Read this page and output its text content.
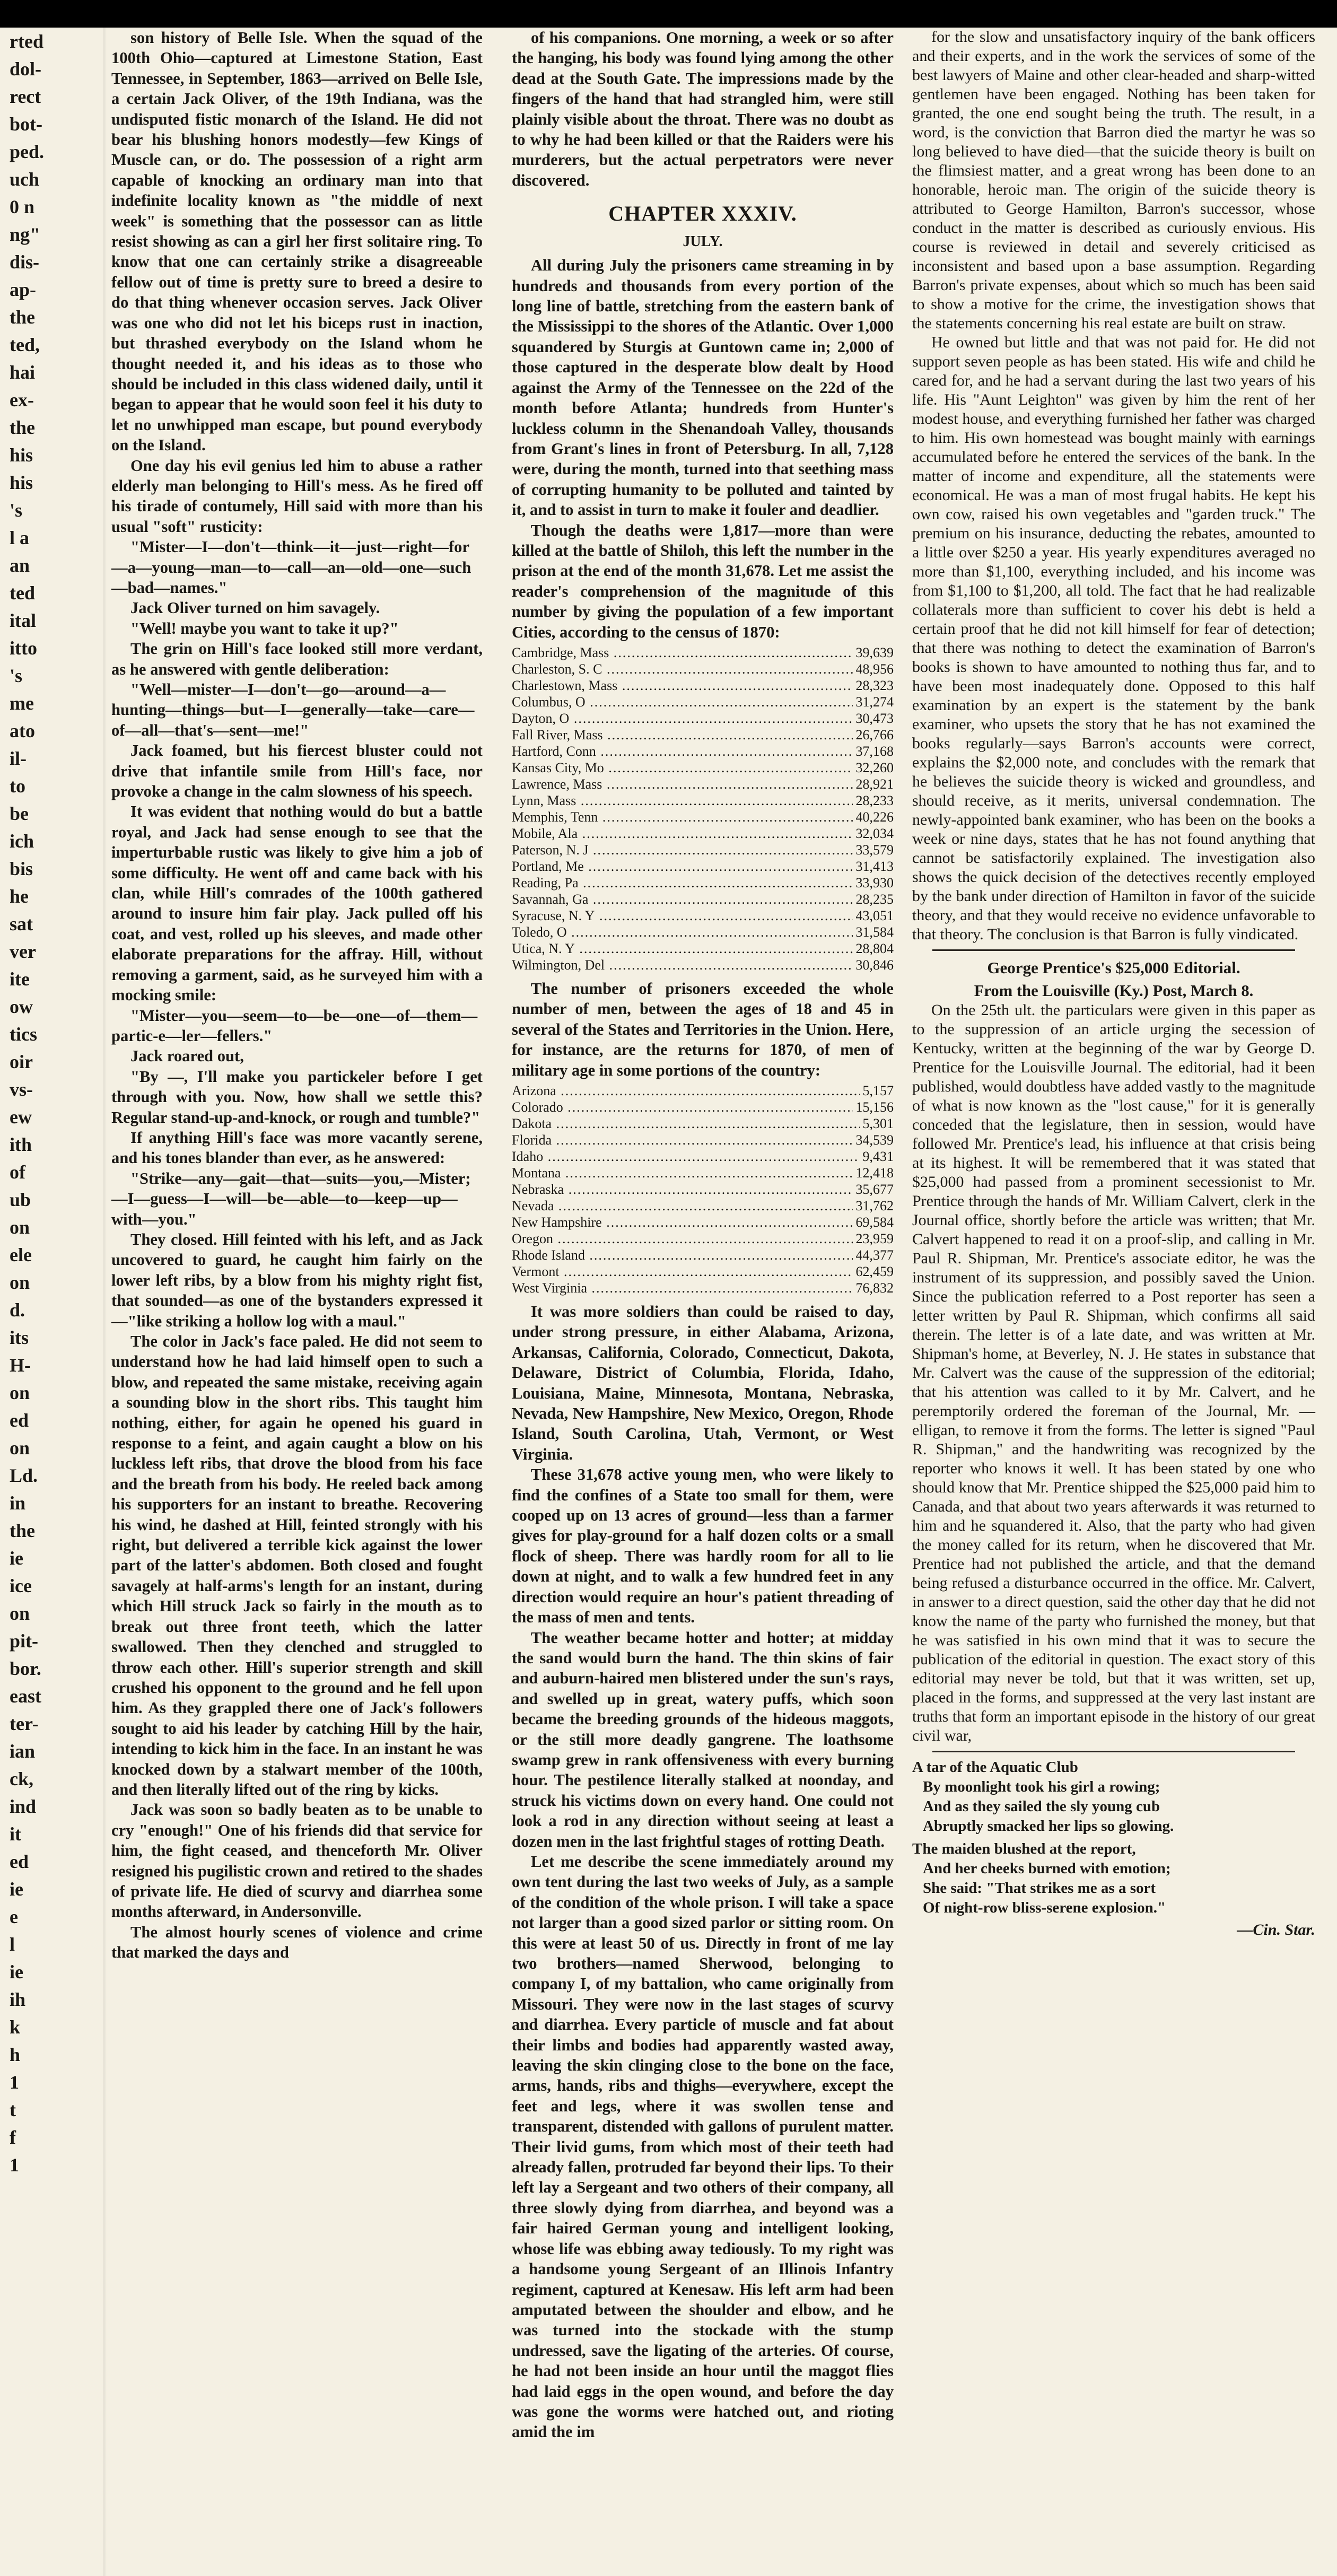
rted
dol-
rect
bot-
ped.
uch
0 n
ng"
dis-
ap-
the
ted,
hai
ex-
the
his
his
's
l a
an
ted
ital
itto
's
me
ato
il-
to
be
ich
bis
he
sat
ver
ite
ow
tics
oir
vs-
ew
ith
of
ub
on
ele
on
d.
its
H-
on
ed
on
Ld.
in
the
ie
ice
on
pit-
bor.
east
ter-
ian
ck,
ind
it
ed
ie
e
l
ie
ih
k
h
1
t
f
1

son history of Belle Isle. When the squad of the 100th Ohio—captured at Limestone Station, East Tennessee, in September, 1863—arrived on Belle Isle, a certain Jack Oliver, of the 19th Indiana, was the undisputed fistic monarch of the Island. He did not bear his blushing honors modestly—few Kings of Muscle can, or do. The possession of a right arm capable of knocking an ordinary man into that indefinite locality known as "the middle of next week" is something that the possessor can as little resist showing as can a girl her first solitaire ring. To know that one can certainly strike a disagreeable fellow out of time is pretty sure to breed a desire to do that thing whenever occasion serves. Jack Oliver was one who did not let his biceps rust in inaction, but thrashed everybody on the Island whom he thought needed it, and his ideas as to those who should be included in this class widened daily, until it began to appear that he would soon feel it his duty to let no unwhipped man escape, but pound everybody on the Island.

One day his evil genius led him to abuse a rather elderly man belonging to Hill's mess. As he fired off his tirade of contumely, Hill said with more than his usual "soft" rusticity:

"Mister—I—don't—think—it—just—right—for—a—young—man—to—call—an—old—one—such—bad—names."

Jack Oliver turned on him savagely.

"Well! maybe you want to take it up?"

The grin on Hill's face looked still more verdant, as he answered with gentle deliberation:

"Well—mister—I—don't—go—around—a—hunting—things—but—I—generally—take—care—of—all—that's—sent—me!"

Jack foamed, but his fiercest bluster could not drive that infantile smile from Hill's face, nor provoke a change in the calm slowness of his speech.

It was evident that nothing would do but a battle royal, and Jack had sense enough to see that the imperturbable rustic was likely to give him a job of some difficulty. He went off and came back with his clan, while Hill's comrades of the 100th gathered around to insure him fair play. Jack pulled off his coat, and vest, rolled up his sleeves, and made other elaborate preparations for the affray. Hill, without removing a garment, said, as he surveyed him with a mocking smile:

"Mister—you—seem—to—be—one—of—them—partic-e—ler—fellers."

Jack roared out,

"By —, I'll make you partickeler before I get through with you. Now, how shall we settle this? Regular stand-up-and-knock, or rough and tumble?"

If anything Hill's face was more vacantly serene, and his tones blander than ever, as he answered:

"Strike—any—gait—that—suits—you,—Mister;—I—guess—I—will—be—able—to—keep—up—with—you."

They closed. Hill feinted with his left, and as Jack uncovered to guard, he caught him fairly on the lower left ribs, by a blow from his mighty right fist, that sounded—as one of the bystanders expressed it—"like striking a hollow log with a maul."

The color in Jack's face paled. He did not seem to understand how he had laid himself open to such a blow, and repeated the same mistake, receiving again a sounding blow in the short ribs. This taught him nothing, either, for again he opened his guard in response to a feint, and again caught a blow on his luckless left ribs, that drove the blood from his face and the breath from his body. He reeled back among his supporters for an instant to breathe. Recovering his wind, he dashed at Hill, feinted strongly with his right, but delivered a terrible kick against the lower part of the latter's abdomen. Both closed and fought savagely at half-arms's length for an instant, during which Hill struck Jack so fairly in the mouth as to break out three front teeth, which the latter swallowed. Then they clenched and struggled to throw each other. Hill's superior strength and skill crushed his opponent to the ground and he fell upon him. As they grappled there one of Jack's followers sought to aid his leader by catching Hill by the hair, intending to kick him in the face. In an instant he was knocked down by a stalwart member of the 100th, and then literally lifted out of the ring by kicks.

Jack was soon so badly beaten as to be unable to cry "enough!" One of his friends did that service for him, the fight ceased, and thenceforth Mr. Oliver resigned his pugilistic crown and retired to the shades of private life. He died of scurvy and diarrhea some months afterward, in Andersonville.

The almost hourly scenes of violence and crime that marked the days and

of his companions. One morning, a week or so after the hanging, his body was found lying among the other dead at the South Gate. The impressions made by the fingers of the hand that had strangled him, were still plainly visible about the throat. There was no doubt as to why he had been killed or that the Raiders were his murderers, but the actual perpetrators were never discovered.

CHAPTER XXXIV.
JULY.

All during July the prisoners came streaming in by hundreds and thousands from every portion of the long line of battle, stretching from the eastern bank of the Mississippi to the shores of the Atlantic. Over 1,000 squandered by Sturgis at Guntown came in; 2,000 of those captured in the desperate blow dealt by Hood against the Army of the Tennessee on the 22d of the month before Atlanta; hundreds from Hunter's luckless column in the Shenandoah Valley, thousands from Grant's lines in front of Petersburg. In all, 7,128 were, during the month, turned into that seething mass of corrupting humanity to be polluted and tainted by it, and to assist in turn to make it fouler and deadlier.

Though the deaths were 1,817—more than were killed at the battle of Shiloh, this left the number in the prison at the end of the month 31,678. Let me assist the reader's comprehension of the magnitude of this number by giving the population of a few important Cities, according to the census of 1870:

Cambridge, Mass .....	39,639
Charleston, S. C .....	48,956
Charlestown, Mass .....	28,323
Columbus, O .....	31,274
Dayton, O .....	30,473
Fall River, Mass .....	26,766
Hartford, Conn .....	37,168
Kansas City, Mo .....	32,260
Lawrence, Mass .....	28,921
Lynn, Mass .....	28,233
Memphis, Tenn .....	40,226
Mobile, Ala .....	32,034
Paterson, N. J .....	33,579
Portland, Me .....	31,413
Reading, Pa .....	33,930
Savannah, Ga .....	28,235
Syracuse, N. Y .....	43,051
Toledo, O .....	31,584
Utica, N. Y .....	28,804
Wilmington, Del .....	30,846

The number of prisoners exceeded the whole number of men, between the ages of 18 and 45 in several of the States and Territories in the Union. Here, for instance, are the returns for 1870, of men of military age in some portions of the country:

Arizona .....	5,157
Colorado .....	15,156
Dakota .....	5,301
Florida .....	34,539
Idaho .....	9,431
Montana .....	12,418
Nebraska .....	35,677
Nevada .....	31,762
New Hampshire .....	69,584
Oregon .....	23,959
Rhode Island .....	44,377
Vermont .....	62,459
West Virginia .....	76,832

It was more soldiers than could be raised to day, under strong pressure, in either Alabama, Arizona, Arkansas, California, Colorado, Connecticut, Dakota, Delaware, District of Columbia, Florida, Idaho, Louisiana, Maine, Minnesota, Montana, Nebraska, Nevada, New Hampshire, New Mexico, Oregon, Rhode Island, South Carolina, Utah, Vermont, or West Virginia.

These 31,678 active young men, who were likely to find the confines of a State too small for them, were cooped up on 13 acres of ground—less than a farmer gives for play-ground for a half dozen colts or a small flock of sheep. There was hardly room for all to lie down at night, and to walk a few hundred feet in any direction would require an hour's patient threading of the mass of men and tents.

The weather became hotter and hotter; at midday the sand would burn the hand. The thin skins of fair and auburn-haired men blistered under the sun's rays, and swelled up in great, watery puffs, which soon became the breeding grounds of the hideous maggots, or the still more deadly gangrene. The loathsome swamp grew in rank offensiveness with every burning hour. The pestilence literally stalked at noonday, and struck his victims down on every hand. One could not look a rod in any direction without seeing at least a dozen men in the last frightful stages of rotting Death.

Let me describe the scene immediately around my own tent during the last two weeks of July, as a sample of the condition of the whole prison. I will take a space not larger than a good sized parlor or sitting room. On this were at least 50 of us. Directly in front of me lay two brothers—named Sherwood, belonging to company I, of my battalion, who came originally from Missouri. They were now in the last stages of scurvy and diarrhea. Every particle of muscle and fat about their limbs and bodies had apparently wasted away, leaving the skin clinging close to the bone on the face, arms, hands, ribs and thighs—everywhere, except the feet and legs, where it was swollen tense and transparent, distended with gallons of purulent matter. Their livid gums, from which most of their teeth had already fallen, protruded far beyond their lips. To their left lay a Sergeant and two others of their company, all three slowly dying from diarrhea, and beyond was a fair haired German young and intelligent looking, whose life was ebbing away tediously. To my right was a handsome young Sergeant of an Illinois Infantry regiment, captured at Kenesaw. His left arm had been amputated between the shoulder and elbow, and he was turned into the stockade with the stump undressed, save the ligating of the arteries. Of course, he had not been inside an hour until the maggot flies had laid eggs in the open wound, and before the day was gone the worms were hatched out, and rioting amid the im

for the slow and unsatisfactory inquiry of the bank officers and their experts, and in the work the services of some of the best lawyers of Maine and other clear-headed and sharp-witted gentlemen have been engaged. Nothing has been taken for granted, the one end sought being the truth. The result, in a word, is the conviction that Barron died the martyr he was so long believed to have died—that the suicide theory is built on the flimsiest matter, and a great wrong has been done to an honorable, heroic man. The origin of the suicide theory is attributed to George Hamilton, Barron's successor, whose conduct in the matter is described as curiously envious. His course is reviewed in detail and severely criticised as inconsistent and based upon a base assumption. Regarding Barron's private expenses, about which so much has been said to show a motive for the crime, the investigation shows that the statements concerning his real estate are built on straw.

He owned but little and that was not paid for. He did not support seven people as has been stated. His wife and child he cared for, and he had a servant during the last two years of his life. His "Aunt Leighton" was given by him the rent of her modest house, and everything furnished her father was charged to him. His own homestead was bought mainly with earnings accumulated before he entered the services of the bank. In the matter of income and expenditure, all the statements were economical. He was a man of most frugal habits. He kept his own cow, raised his own vegetables and "garden truck." The premium on his insurance, deducting the rebates, amounted to a little over $250 a year. His yearly expenditures averaged no more than $1,100, everything included, and his income was from $1,100 to $1,200, all told. The fact that he had realizable collaterals more than sufficient to cover his debt is held a certain proof that he did not kill himself for fear of detection; that there was nothing to detect the examination of Barron's books is shown to have amounted to nothing thus far, and to have been most inadequately done. Opposed to this half examination by an expert is the statement by the bank examiner, who upsets the story that he has not examined the books regularly—says Barron's accounts were correct, explains the $2,000 note, and concludes with the remark that he believes the suicide theory is wicked and groundless, and should receive, as it merits, universal condemnation. The newly-appointed bank examiner, who has been on the books a week or nine days, states that he has not found anything that cannot be satisfactorily explained. The investigation also shows the quick decision of the detectives recently employed by the bank under direction of Hamilton in favor of the suicide theory, and that they would receive no evidence unfavorable to that theory. The conclusion is that Barron is fully vindicated.

George Prentice's $25,000 Editorial.

From the Louisville (Ky.) Post, March 8.

On the 25th ult. the particulars were given in this paper as to the suppression of an article urging the secession of Kentucky, written at the beginning of the war by George D. Prentice for the Louisville Journal. The editorial, had it been published, would doubtless have added vastly to the magnitude of what is now known as the "lost cause," for it is generally conceded that the legislature, then in session, would have followed Mr. Prentice's lead, his influence at that crisis being at its highest. It will be remembered that it was stated that $25,000 had passed from a prominent secessionist to Mr. Prentice through the hands of Mr. William Calvert, clerk in the Journal office, shortly before the article was written; that Mr. Calvert happened to read it on a proof-slip, and calling in Mr. Paul R. Shipman, Mr. Prentice's associate editor, he was the instrument of its suppression, and possibly saved the Union. Since the publication referred to a Post reporter has seen a letter written by Paul R. Shipman, which confirms all said therein. The letter is of a late date, and was written at Mr. Shipman's home, at Beverley, N. J. He states in substance that Mr. Calvert was the cause of the suppression of the editorial; that his attention was called to it by Mr. Calvert, and he peremptorily ordered the foreman of the Journal, Mr. —elligan, to remove it from the forms. The letter is signed "Paul R. Shipman," and the handwriting was recognized by the reporter who knows it well. It has been stated by one who should know that Mr. Prentice shipped the $25,000 paid him to Canada, and that about two years afterwards it was returned to him and he squandered it. Also, that the party who had given the money called for its return, when he discovered that Mr. Prentice had not published the article, and that the demand being refused a disturbance occurred in the office. Mr. Calvert, in answer to a direct question, said the other day that he did not know the name of the party who furnished the money, but that he was satisfied in his own mind that it was to secure the publication of the editorial in question. The exact story of this editorial may never be told, but that it was written, set up, placed in the forms, and suppressed at the very last instant are truths that form an important episode in the history of our great civil war,

A tar of the Aquatic Club
By moonlight took his girl a rowing;
And as they sailed the sly young cub
Abruptly smacked her lips so glowing.
The maiden blushed at the report,
And her cheeks burned with emotion;
She said: "That strikes me as a sort
Of night-row bliss-serene explosion."
—Cin. Star.
